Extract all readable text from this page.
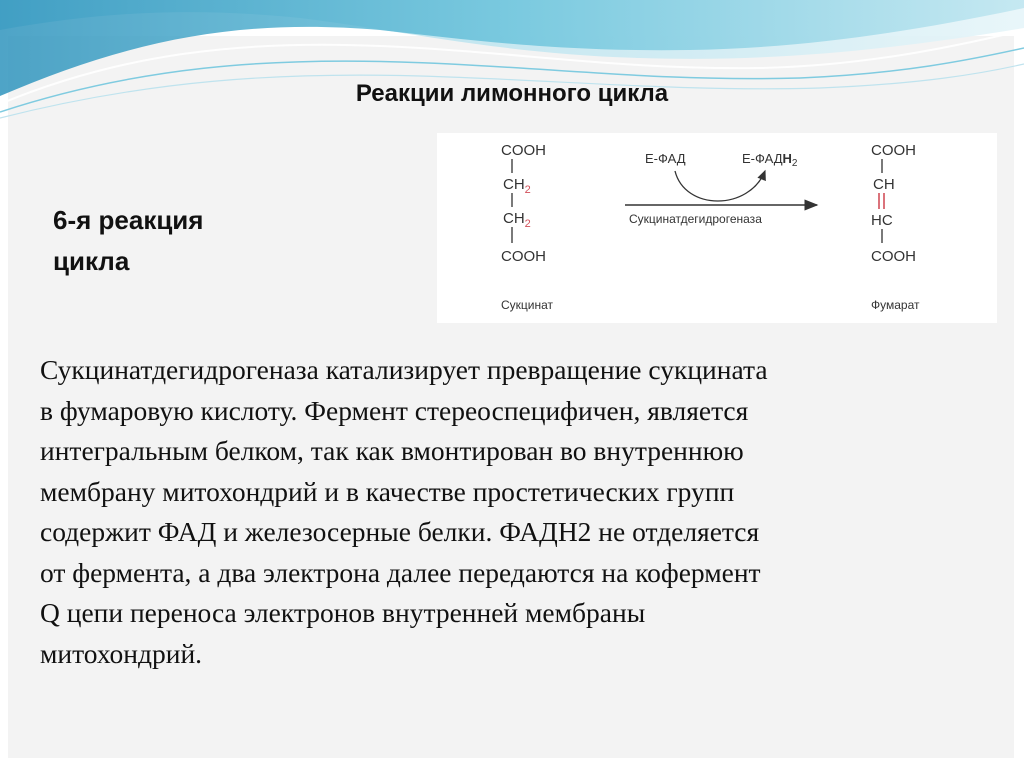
Реакции лимонного цикла
6-я реакция
цикла
COOH
$CH_2$
$CH_2$
COOH
Сукцинат
Е-ФАД	$Е-ФАДН_2$
Сукцинатдегидрогеназа
COOH
CH
HC
COOH
Фумарат
Сукцинатдегидрогеназа катализирует превращение сукцината
в фумаровую кислоту. Фермент стереоспецифичен, является
интегральным белком, так как вмонтирован во внутреннюю
мембрану митохондрий и в качестве простетических групп
содержит ФАД и железосерные белки. ФАДН2 не отделяется
от фермента, а два электрона далее передаются на кофермент
Q цепи переноса электронов внутренней мембраны
митохондрий.
